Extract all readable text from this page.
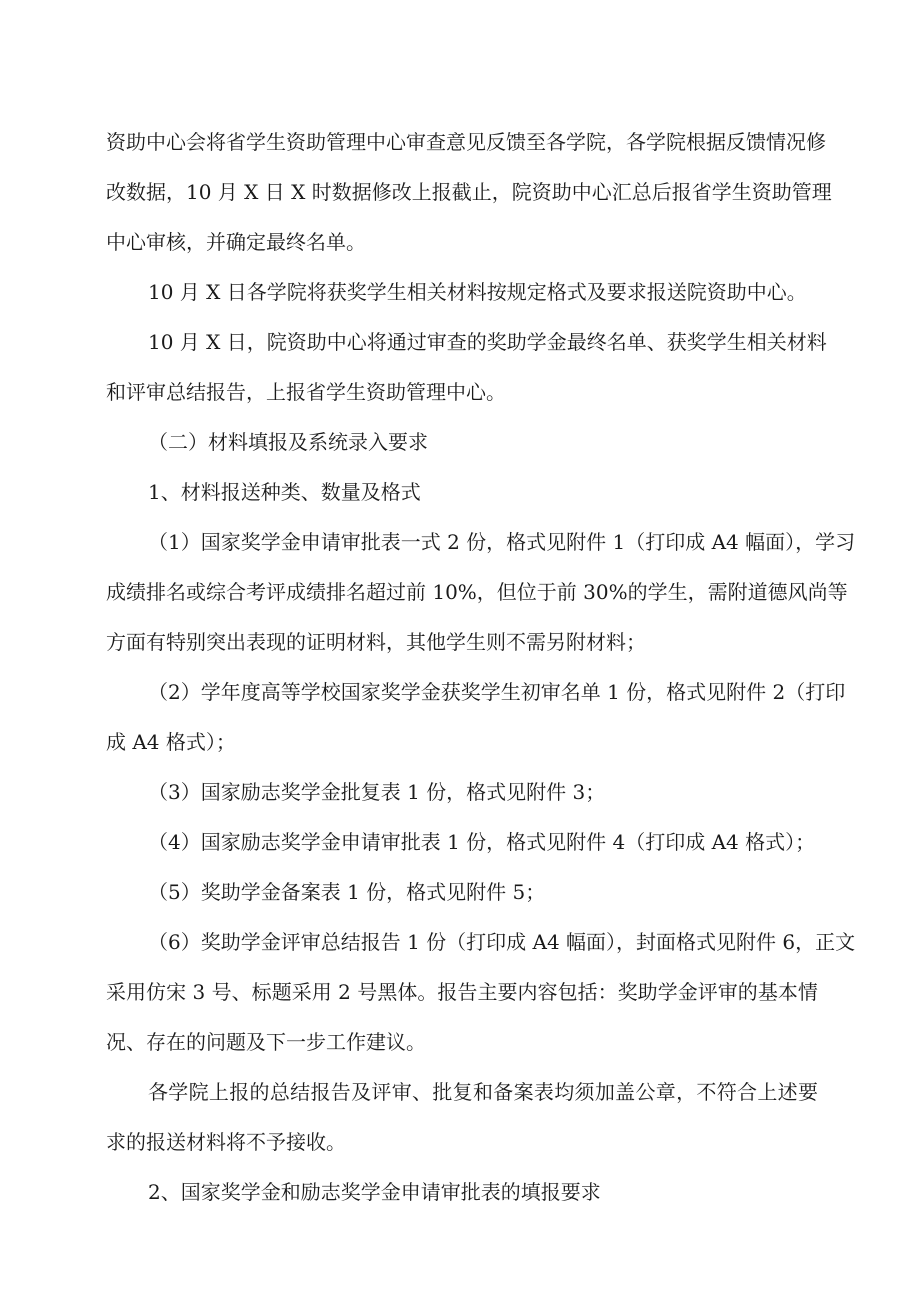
资助中心会将省学生资助管理中心审查意见反馈至各学院，各学院根据反馈情况修
改数据，10 月 X 日 X 时数据修改上报截止，院资助中心汇总后报省学生资助管理
中心审核，并确定最终名单。
10 月 X 日各学院将获奖学生相关材料按规定格式及要求报送院资助中心。
10 月 X 日，院资助中心将通过审查的奖助学金最终名单、获奖学生相关材料
和评审总结报告，上报省学生资助管理中心。
（二）材料填报及系统录入要求
1、材料报送种类、数量及格式
（1）国家奖学金申请审批表一式 2 份，格式见附件 1（打印成 A4 幅面），学习
成绩排名或综合考评成绩排名超过前 10%，但位于前 30%的学生，需附道德风尚等
方面有特别突出表现的证明材料，其他学生则不需另附材料；
（2）学年度高等学校国家奖学金获奖学生初审名单 1 份，格式见附件 2（打印
成 A4 格式）；
（3）国家励志奖学金批复表 1 份，格式见附件 3；
（4）国家励志奖学金申请审批表 1 份，格式见附件 4（打印成 A4 格式）；
（5）奖助学金备案表 1 份，格式见附件 5；
（6）奖助学金评审总结报告 1 份（打印成 A4 幅面），封面格式见附件 6，正文
采用仿宋 3 号、标题采用 2 号黑体。报告主要内容包括：奖助学金评审的基本情
况、存在的问题及下一步工作建议。
各学院上报的总结报告及评审、批复和备案表均须加盖公章，不符合上述要
求的报送材料将不予接收。
2、国家奖学金和励志奖学金申请审批表的填报要求
